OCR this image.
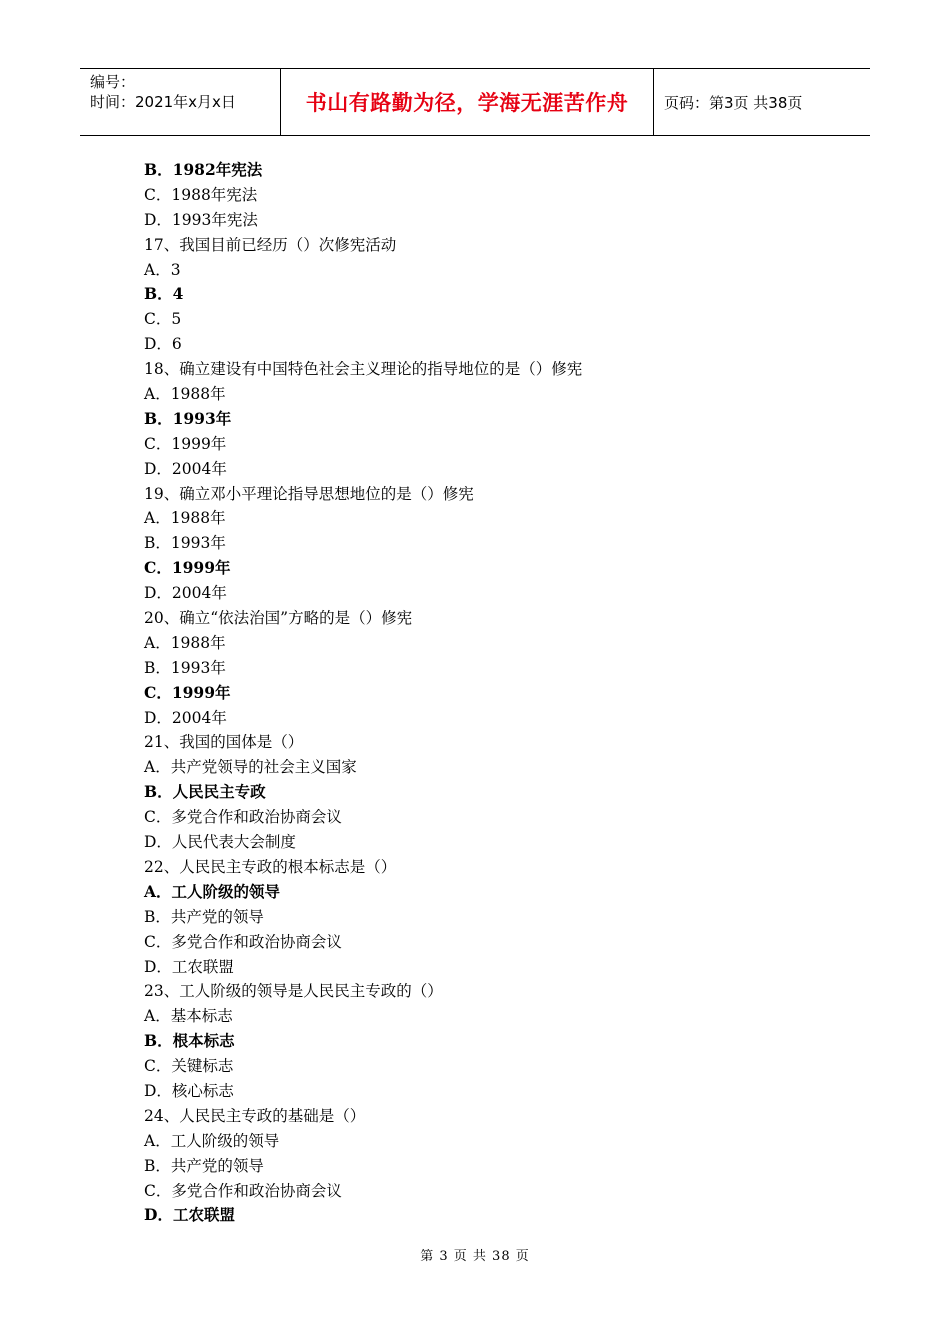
编号：
时间：2021年x月x日	书山有路勤为径，学海无涯苦作舟	页码：第3页 共38页
B．1982年宪法
C．1988年宪法
D．1993年宪法
17、我国目前已经历（）次修宪活动
A．3
B．4
C．5
D．6
18、确立建设有中国特色社会主义理论的指导地位的是（）修宪
A．1988年
B．1993年
C．1999年
D．2004年
19、确立邓小平理论指导思想地位的是（）修宪
A．1988年
B．1993年
C．1999年
D．2004年
20、确立“依法治国”方略的是（）修宪
A．1988年
B．1993年
C．1999年
D．2004年
21、我国的国体是（）
A．共产党领导的社会主义国家
B．人民民主专政
C．多党合作和政治协商会议
D．人民代表大会制度
22、人民民主专政的根本标志是（）
A．工人阶级的领导
B．共产党的领导
C．多党合作和政治协商会议
D．工农联盟
23、工人阶级的领导是人民民主专政的（）
A．基本标志
B．根本标志
C．关键标志
D．核心标志
24、人民民主专政的基础是（）
A．工人阶级的领导
B．共产党的领导
C．多党合作和政治协商会议
D．工农联盟
第 3 页 共 38 页
